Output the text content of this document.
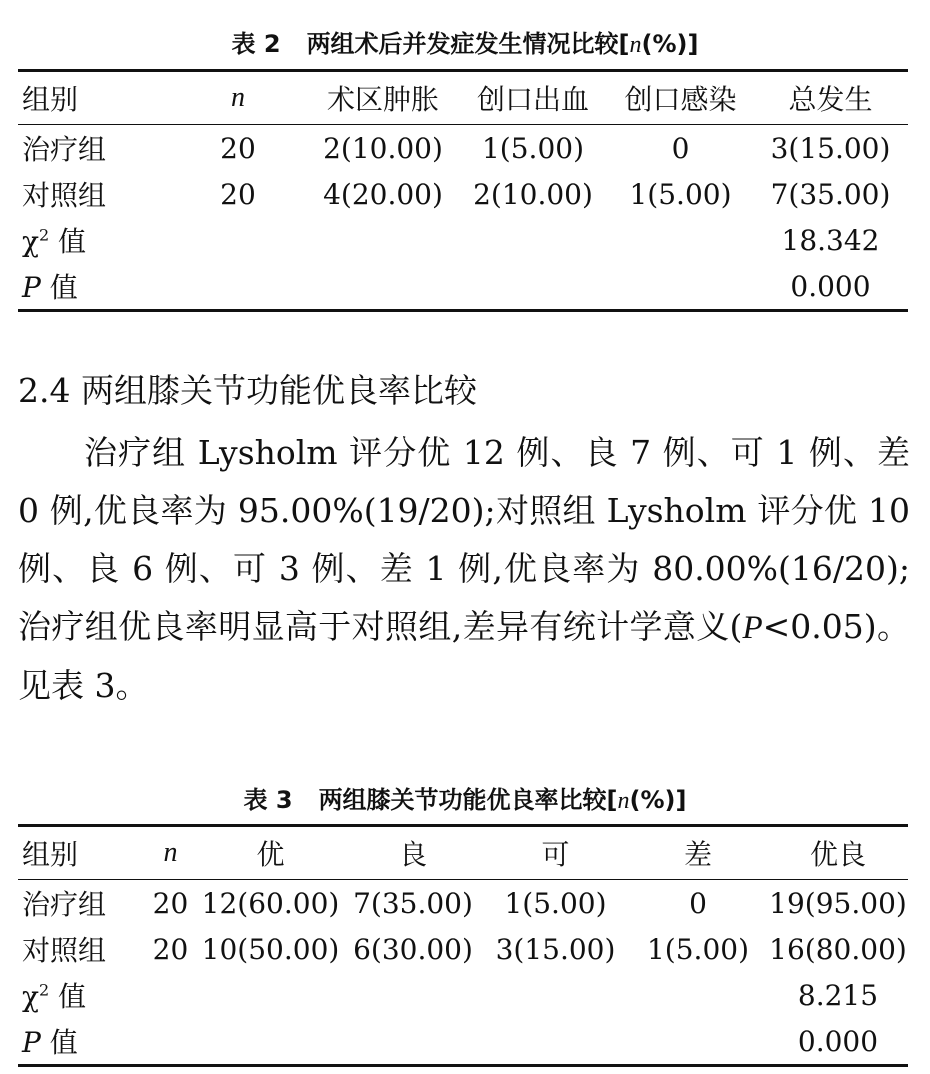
表 2 两组术后并发症发生情况比较[n(%)]
组别	n	术区肿胀	创口出血	创口感染	总发生
治疗组	20	2(10.00)	1(5.00)	0	3(15.00)
对照组	20	4(20.00)	2(10.00)	1(5.00)	7(35.00)
$\chi^2$ 值					18.342
P 值					0.000
2.4 两组膝关节功能优良率比较
治疗组 Lysholm 评分优 12 例、良 7 例、可 1 例、差 0 例,优良率为 95.00%(19/20);对照组 Lysholm 评分优 10 例、良 6 例、可 3 例、差 1 例,优良率为 80.00%(16/20);治疗组优良率明显高于对照组,差异有统计学意义(P<0.05)。见表 3。
表 3 两组膝关节功能优良率比较[n(%)]
组别	n	优	良	可	差	优良
治疗组	20	12(60.00)	7(35.00)	1(5.00)	0	19(95.00)
对照组	20	10(50.00)	6(30.00)	3(15.00)	1(5.00)	16(80.00)
$\chi^2$ 值						8.215
P 值						0.000
